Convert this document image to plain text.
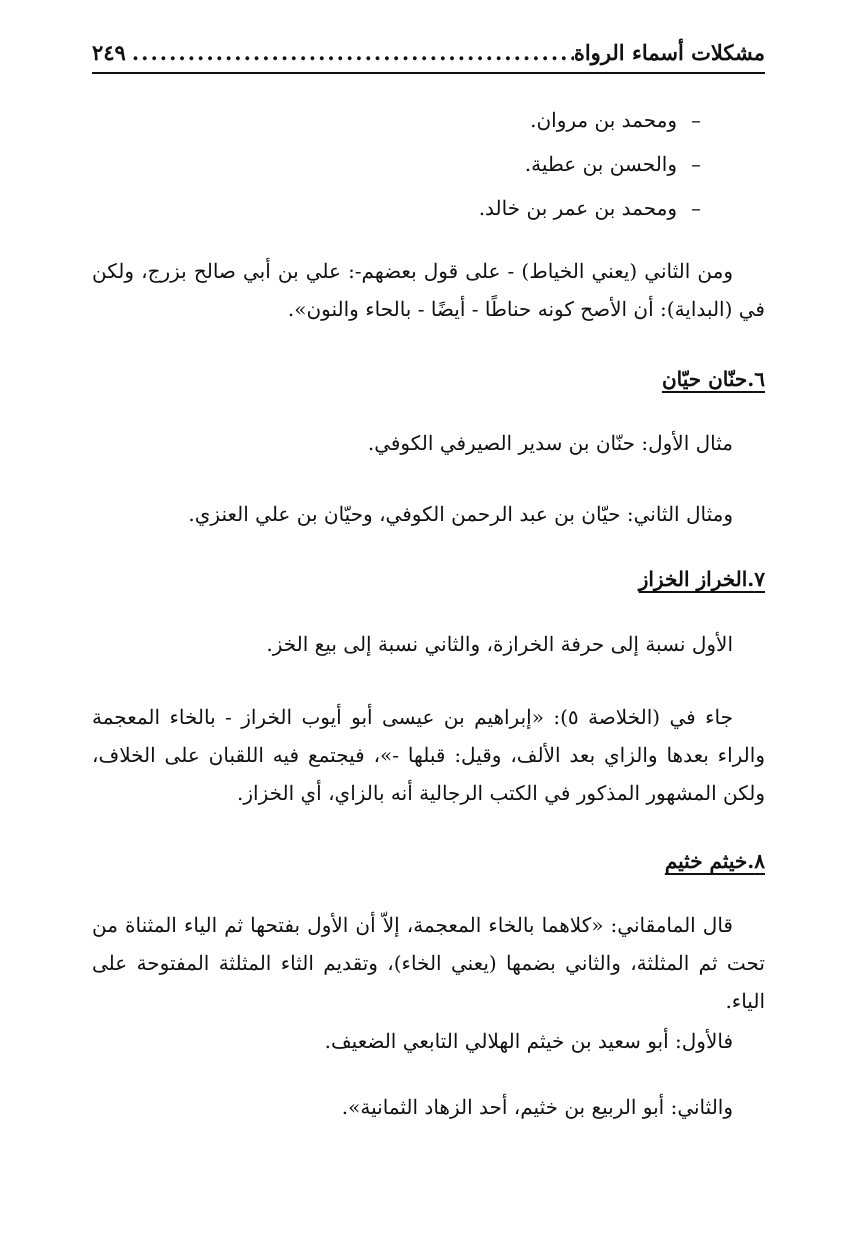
مشكلات أسماء الرواة
.....
٢٤٩
–
ومحمد بن مروان.
–
والحسن بن عطية.
–
ومحمد بن عمر بن خالد.
ومن الثاني (يعني الخياط) - على قول بعضهم-: علي بن أبي صالح بزرج، ولكن في (البداية): أن الأصح كونه حناطًا - أيضًا - بالحاء والنون».
٦.حنّان حيّان
مثال الأول: حنّان بن سدير الصيرفي الكوفي.
ومثال الثاني: حيّان بن عبد الرحمن الكوفي، وحيّان بن علي العنزي.
٧.الخراز الخزاز
الأول نسبة إلى حرفة الخرازة، والثاني نسبة إلى بيع الخز.
جاء في (الخلاصة ٥): «إبراهيم بن عيسى أبو أيوب الخراز - بالخاء المعجمة والراء بعدها والزاي بعد الألف، وقيل: قبلها -»، فيجتمع فيه اللقبان على الخلاف، ولكن المشهور المذكور في الكتب الرجالية أنه بالزاي، أي الخزاز.
٨.خيثم خثيم
قال المامقاني: «كلاهما بالخاء المعجمة، إلاّ أن الأول بفتحها ثم الياء المثناة من تحت ثم المثلثة، والثاني بضمها (يعني الخاء)، وتقديم الثاء المثلثة المفتوحة على الياء.
فالأول: أبو سعيد بن خيثم الهلالي التابعي الضعيف.
والثاني: أبو الربيع بن خثيم، أحد الزهاد الثمانية».
